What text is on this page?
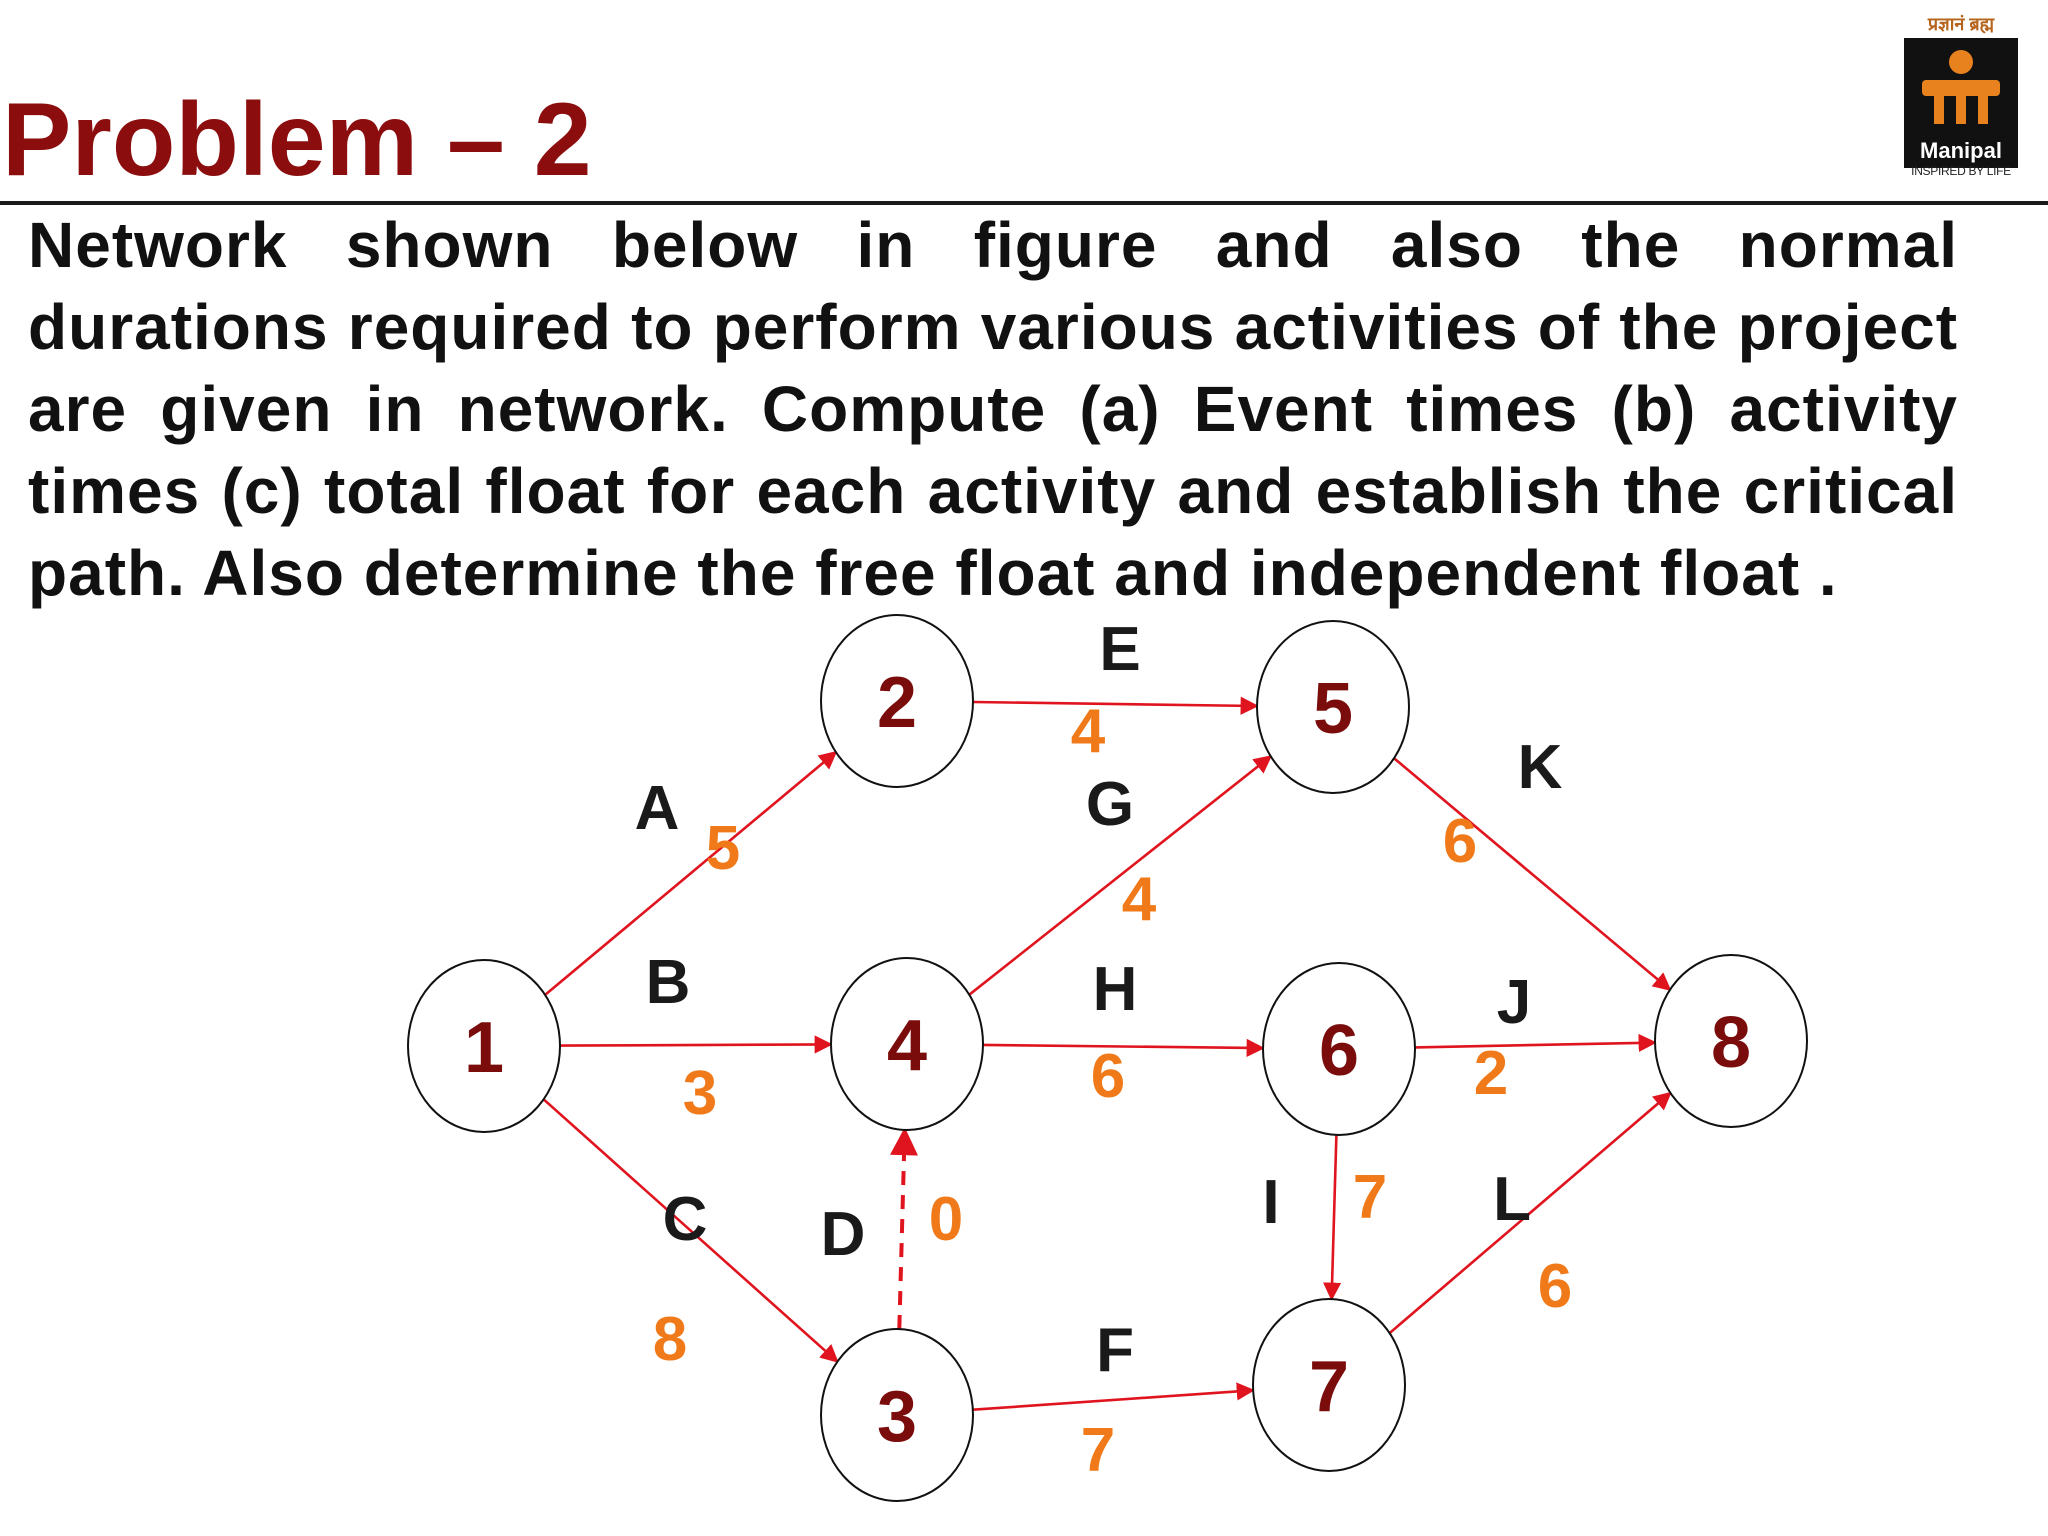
Problem – 2
प्रज्ञानं ब्रह्म
Manipal
INSPIRED BY LIFE
Network shown below in figure and also the normal durations required to perform various activities of the project are given in network. Compute (a) Event times (b) activity times (c) total float for each activity and establish the critical path. Also determine the free float and independent float .
1
2
3
4
5
6
7
8
A
5
B
3
C
8
D 0
E
4
F
7
G
4
H
6
I 7
J
2
K
6
L
6
